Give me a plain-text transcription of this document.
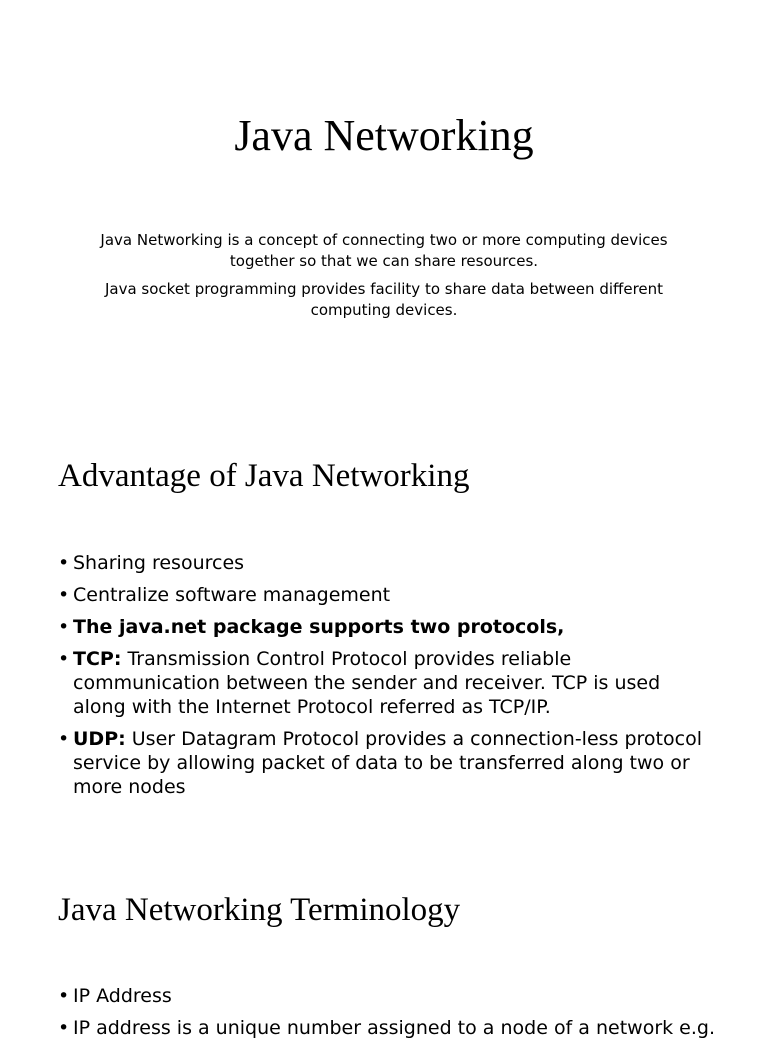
Java Networking

Java Networking is a concept of connecting two or more computing devices together so that we can share resources.

Java socket programming provides facility to share data between different computing devices.

Advantage of Java Networking
• Sharing resources
• Centralize software management
• The java.net package supports two protocols,
• TCP: Transmission Control Protocol provides reliable communication between the sender and receiver. TCP is used along with the Internet Protocol referred as TCP/IP.
• UDP: User Datagram Protocol provides a connection-less protocol service by allowing packet of data to be transferred along two or more nodes
Java Networking Terminology
• IP Address
• IP address is a unique number assigned to a node of a network e.g.
